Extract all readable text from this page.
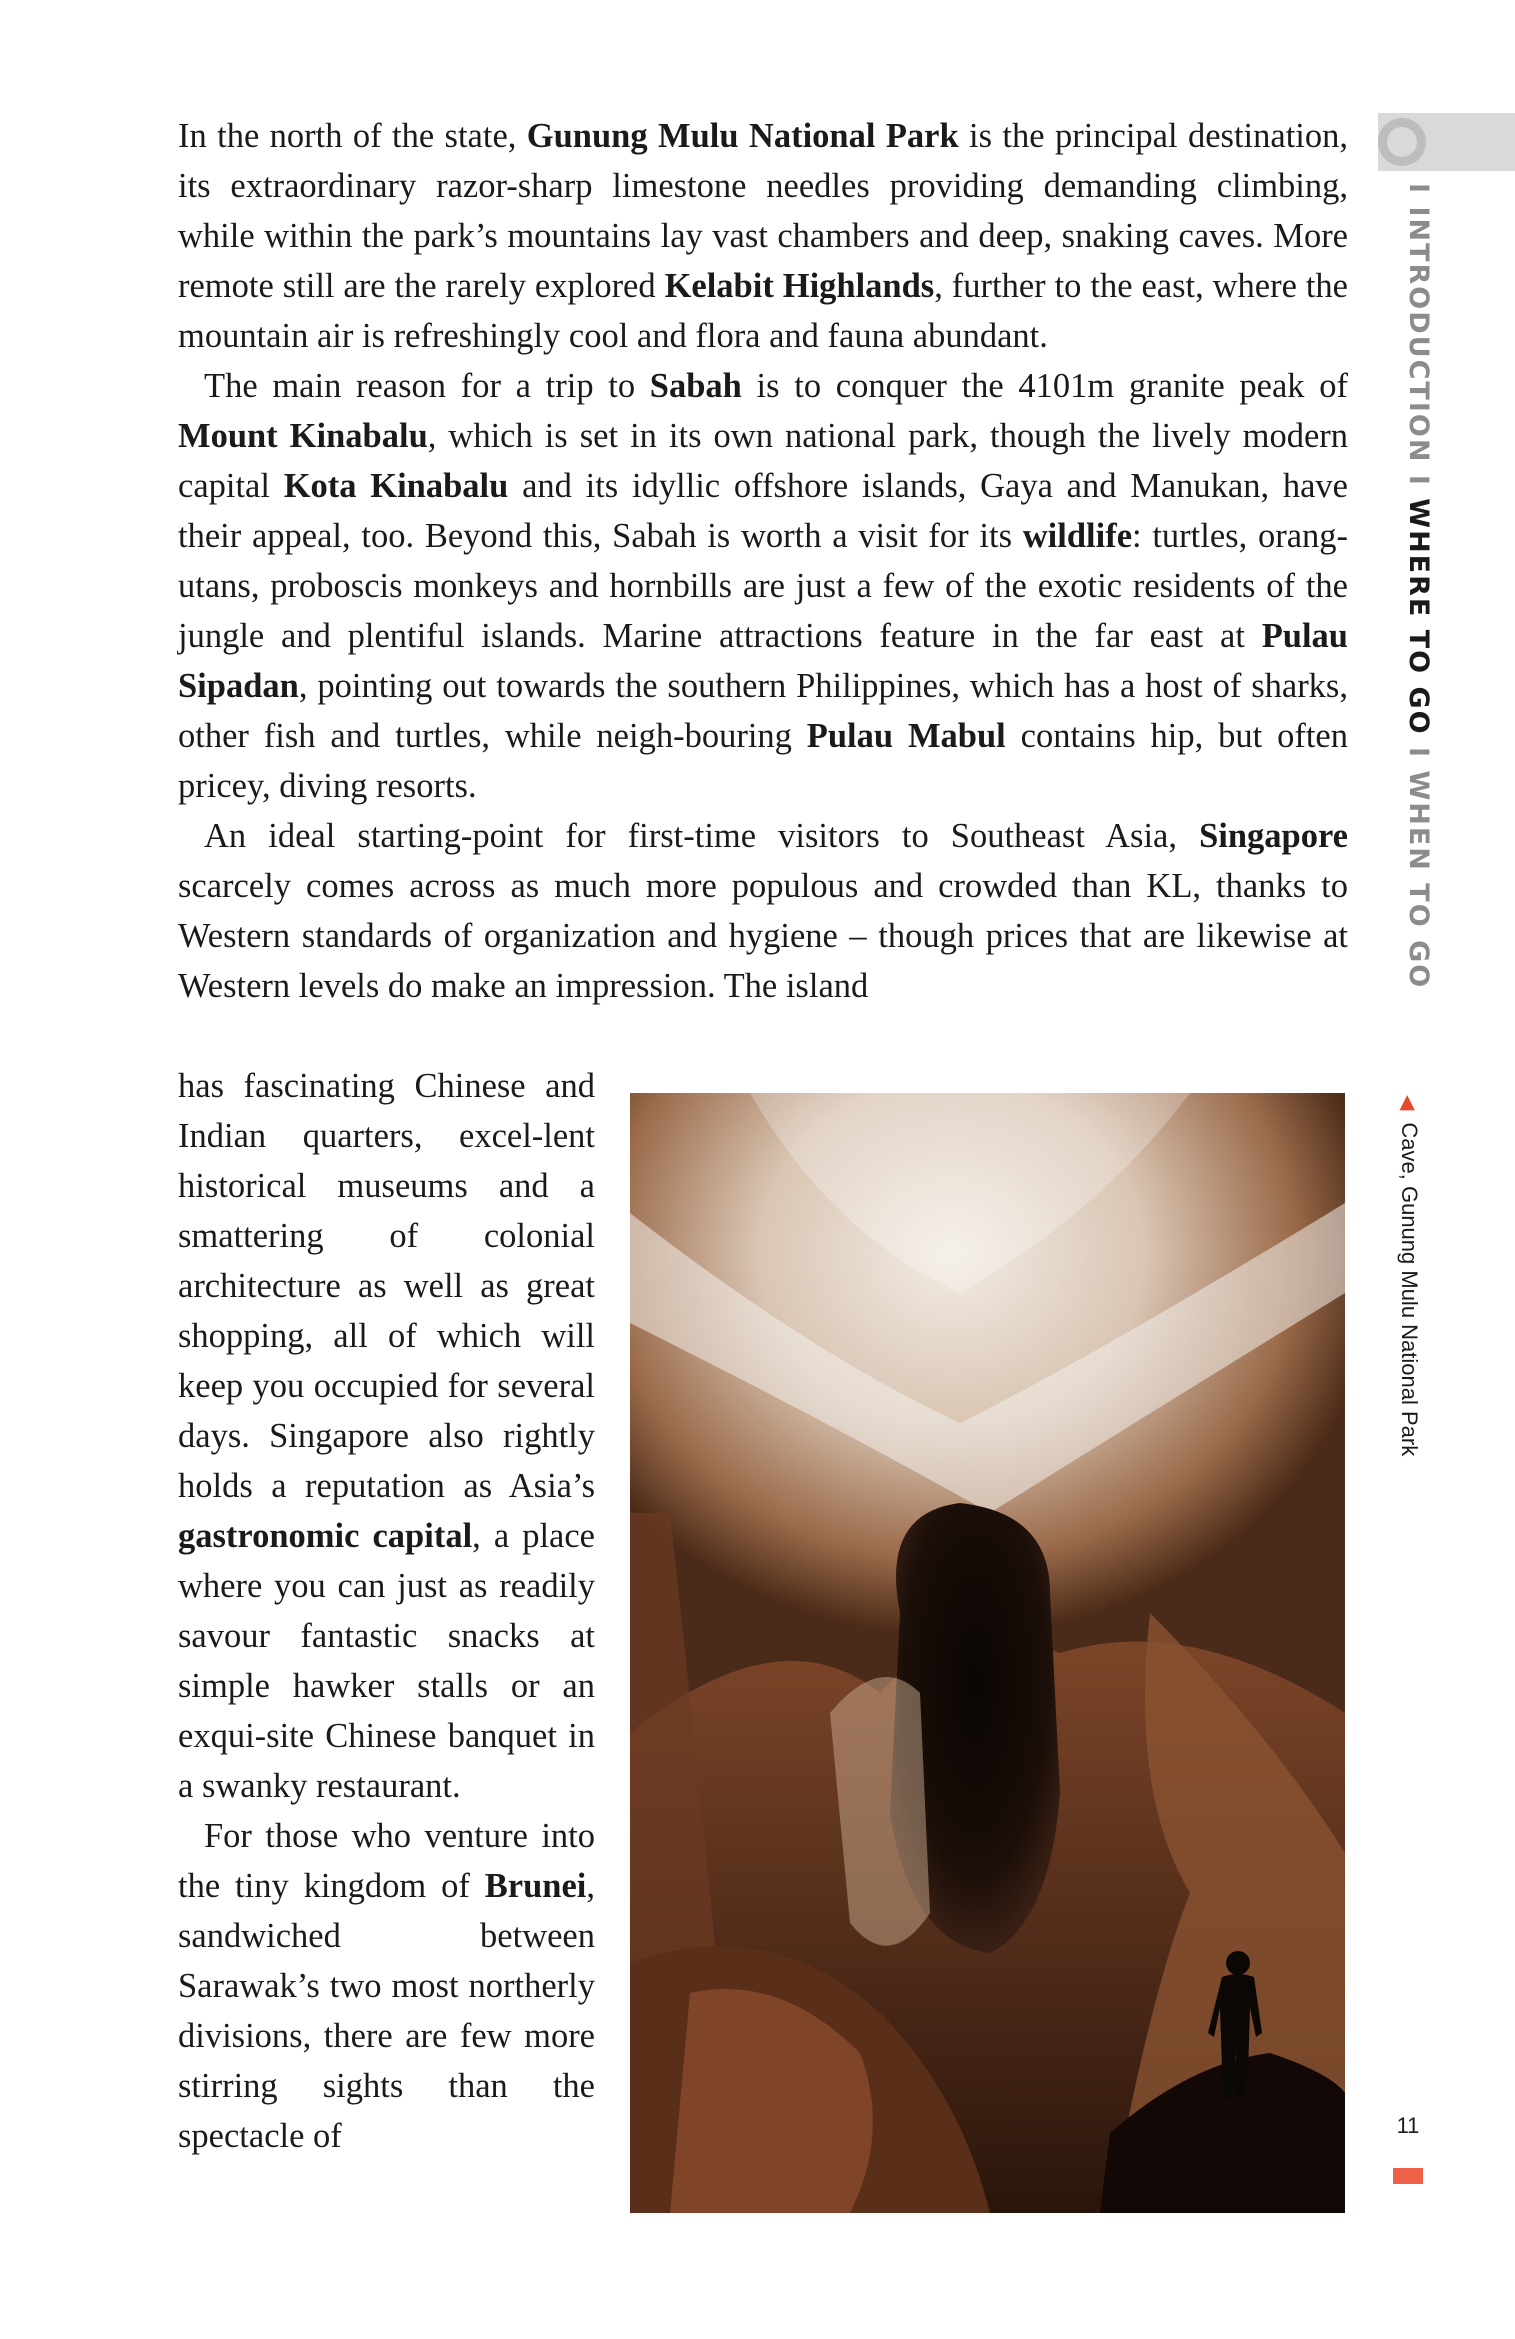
I INTRODUCTION I WHERE TO GO I WHEN TO GO

In the north of the state, Gunung Mulu National Park is the principal destination, its extraordinary razor-sharp limestone needles providing demanding climbing, while within the park’s mountains lay vast chambers and deep, snaking caves. More remote still are the rarely explored Kelabit Highlands, further to the east, where the mountain air is refreshingly cool and flora and fauna abundant.

The main reason for a trip to Sabah is to conquer the 4101m granite peak of Mount Kinabalu, which is set in its own national park, though the lively modern capital Kota Kinabalu and its idyllic offshore islands, Gaya and Manukan, have their appeal, too. Beyond this, Sabah is worth a visit for its wildlife: turtles, orang-utans, proboscis monkeys and hornbills are just a few of the exotic residents of the jungle and plentiful islands. Marine attractions feature in the far east at Pulau Sipadan, pointing out towards the southern Philippines, which has a host of sharks, other fish and turtles, while neigh-bouring Pulau Mabul contains hip, but often pricey, diving resorts.

An ideal starting-point for first-time visitors to Southeast Asia, Singapore scarcely comes across as much more populous and crowded than KL, thanks to Western standards of organization and hygiene – though prices that are likewise at Western levels do make an impression. The island

has fascinating Chinese and Indian quarters, excel-lent historical museums and a smattering of colonial architecture as well as great shopping, all of which will keep you occupied for several days. Singapore also rightly holds a reputation as Asia’s gastronomic capital, a place where you can just as readily savour fantastic snacks at simple hawker stalls or an exqui-site Chinese banquet in a swanky restaurant.

For those who venture into the tiny kingdom of Brunei, sandwiched between Sarawak’s two most northerly divisions, there are few more stirring sights than the spectacle of

◀Cave, Gunung Mulu National Park
11
